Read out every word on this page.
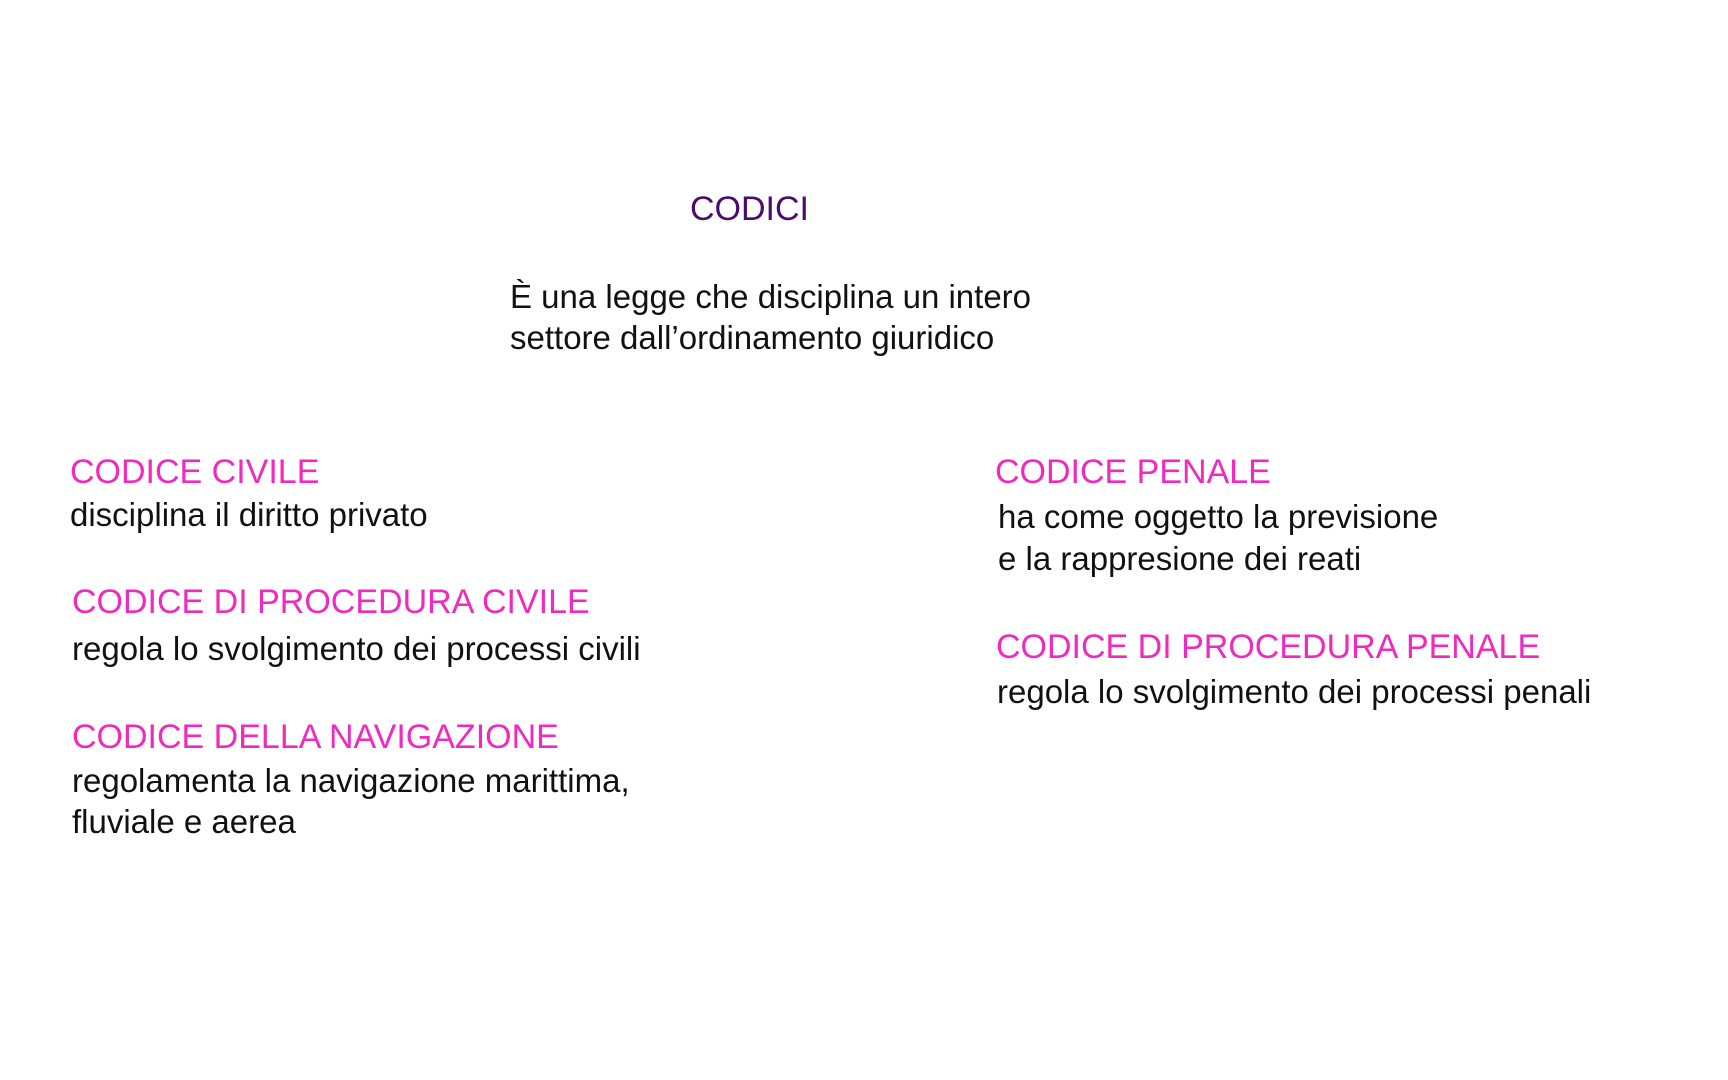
CODICI
È una legge che disciplina un intero
settore dall’ordinamento giuridico
CODICE CIVILE
disciplina il diritto privato
CODICE DI PROCEDURA CIVILE
regola lo svolgimento dei processi civili
CODICE DELLA NAVIGAZIONE
regolamenta la navigazione marittima,
fluviale e aerea
CODICE PENALE
ha come oggetto la previsione
e la rappresione dei reati
CODICE DI PROCEDURA PENALE
regola lo svolgimento dei processi penali
